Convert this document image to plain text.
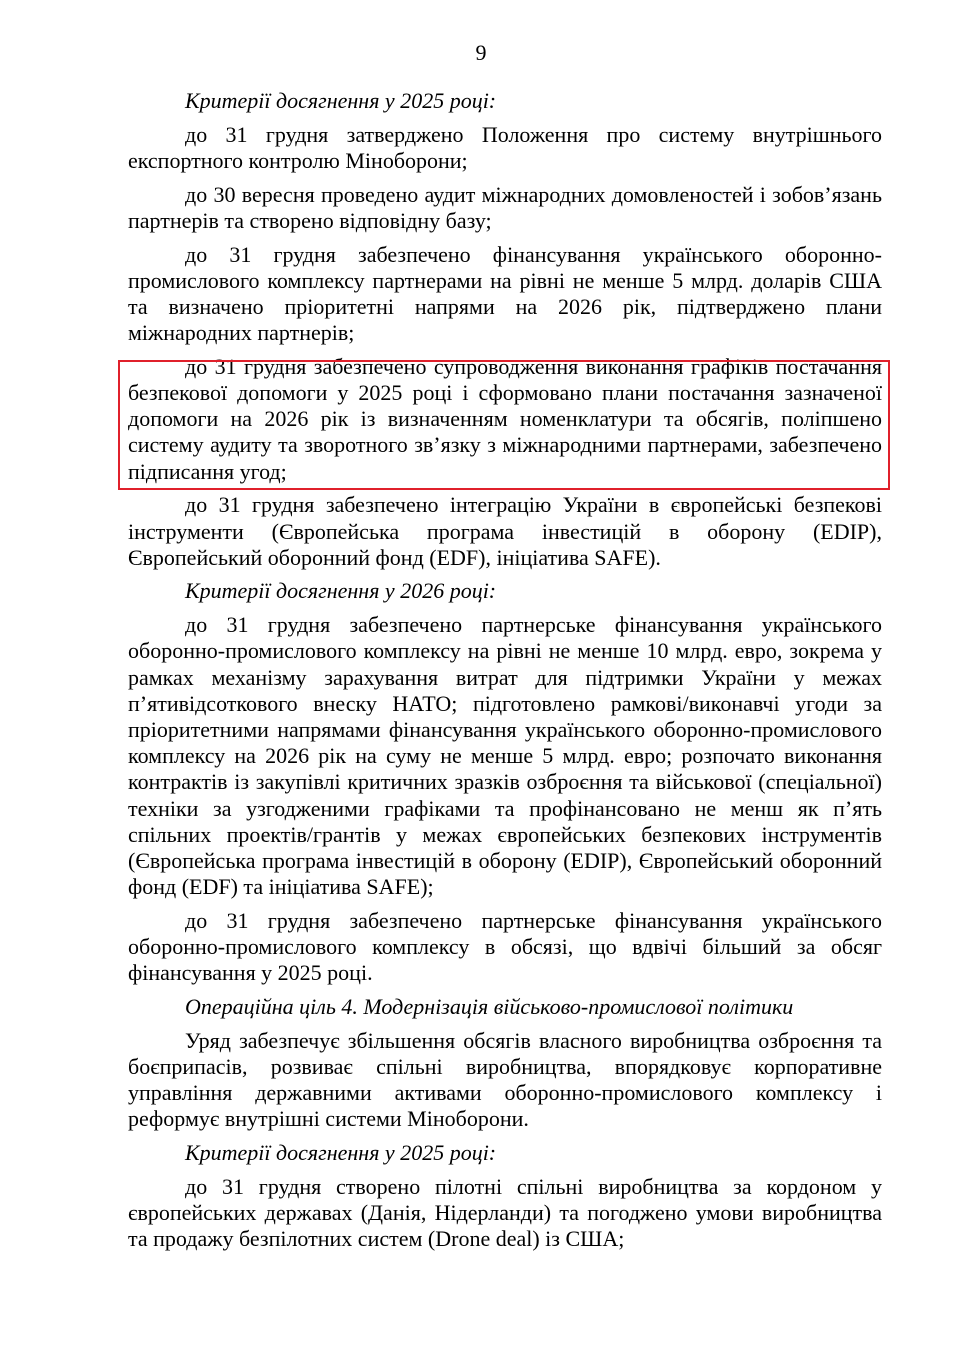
9

Критерії досягнення у 2025 році:

до 31 грудня затверджено Положення про систему внутрішнього експортного контролю Міноборони;

до 30 вересня проведено аудит міжнародних домовленостей і зобов’язань партнерів та створено відповідну базу;

до 31 грудня забезпечено фінансування українського оборонно-промислового комплексу партнерами на рівні не менше 5 млрд. доларів США та визначено пріоритетні напрями на 2026 рік, підтверджено плани міжнародних партнерів;

до 31 грудня забезпечено супроводження виконання графіків постачання безпекової допомоги у 2025 році і сформовано плани постачання зазначеної допомоги на 2026 рік із визначенням номенклатури та обсягів, поліпшено систему аудиту та зворотного зв’язку з міжнародними партнерами, забезпечено підписання угод;

до 31 грудня забезпечено інтеграцію України в європейські безпекові інструменти (Європейська програма інвестицій в оборону (EDIP), Європейський оборонний фонд (EDF), ініціатива SAFE).

Критерії досягнення у 2026 році:

до 31 грудня забезпечено партнерське фінансування українського оборонно-промислового комплексу на рівні не менше 10 млрд. евро, зокрема у рамках механізму зарахування витрат для підтримки України у межах п’ятивідсоткового внеску НАТО; підготовлено рамкові/виконавчі угоди за пріоритетними напрямами фінансування українського оборонно-промислового комплексу на 2026 рік на суму не менше 5 млрд. евро; розпочато виконання контрактів із закупівлі критичних зразків озброєння та військової (спеціальної) техніки за узгодженими графіками та профінансовано не менш як п’ять спільних проектів/грантів у межах європейських безпекових інструментів (Європейська програма інвестицій в оборону (EDIP), Європейський оборонний фонд (EDF) та ініціатива SAFE);

до 31 грудня забезпечено партнерське фінансування українського оборонно-промислового комплексу в обсязі, що вдвічі більший за обсяг фінансування у 2025 році.

Операційна ціль 4. Модернізація військово-промислової політики

Уряд забезпечує збільшення обсягів власного виробництва озброєння та боєприпасів, розвиває спільні виробництва, впорядковує корпоративне управління державними активами оборонно-промислового комплексу і реформує внутрішні системи Міноборони.

Критерії досягнення у 2025 році:

до 31 грудня створено пілотні спільні виробництва за кордоном у європейських державах (Данія, Нідерланди) та погоджено умови виробництва та продажу безпілотних систем (Drone deal) із США;
